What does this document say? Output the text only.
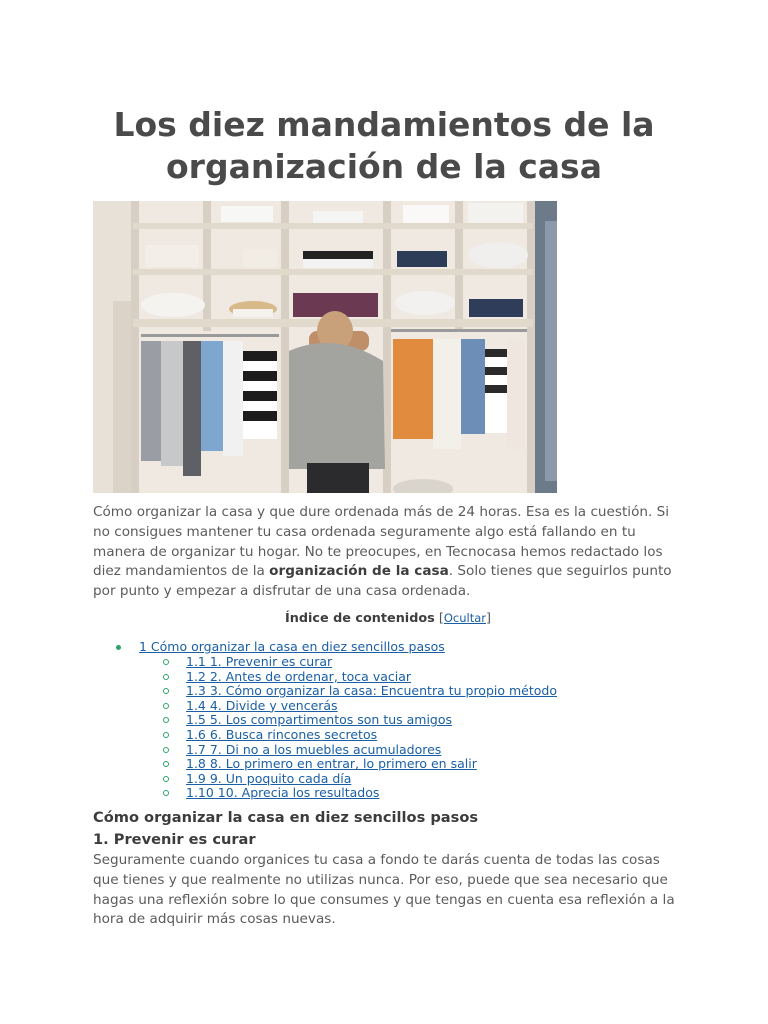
Los diez mandamientos de la organización de la casa

Cómo organizar la casa y que dure ordenada más de 24 horas. Esa es la cuestión. Si no consigues mantener tu casa ordenada seguramente algo está fallando en tu manera de organizar tu hogar. No te preocupes, en Tecnocasa hemos redactado los diez mandamientos de la organización de la casa. Solo tienes que seguirlos punto por punto y empezar a disfrutar de una casa ordenada.

Índice de contenidos [Ocultar]
1 Cómo organizar la casa en diez sencillos pasos
1.1 1. Prevenir es curar
1.2 2. Antes de ordenar, toca vaciar
1.3 3. Cómo organizar la casa: Encuentra tu propio método
1.4 4. Divide y vencerás
1.5 5. Los compartimentos son tus amigos
1.6 6. Busca rincones secretos
1.7 7. Di no a los muebles acumuladores
1.8 8. Lo primero en entrar, lo primero en salir
1.9 9. Un poquito cada día
1.10 10. Aprecia los resultados
Cómo organizar la casa en diez sencillos pasos
1. Prevenir es curar

Seguramente cuando organices tu casa a fondo te darás cuenta de todas las cosas que tienes y que realmente no utilizas nunca. Por eso, puede que sea necesario que hagas una reflexión sobre lo que consumes y que tengas en cuenta esa reflexión a la hora de adquirir más cosas nuevas.
